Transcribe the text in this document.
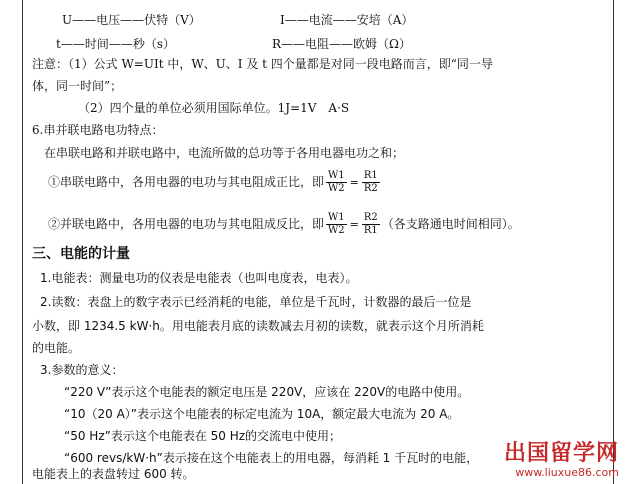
U——电压——伏特（V）	I——电流——安培（A）
t——时间——秒（s）	R——电阻——欧姆（Ω）
注意：（1）公式 W=UIt 中，W、U、I 及 t 四个量都是对同一段电路而言，即“同一导
体，同一时间”；
（2）四个量的单位必须用国际单位。1J=1V　A·S
6.串并联电路电功特点：
在串联电路和并联电路中，电流所做的总功等于各用电器电功之和；
①串联电路中，各用电器的电功与其电阻成正比，即 $\frac{W1}{W2} = \frac{R1}{R2}$
②并联电路中，各用电器的电功与其电阻成反比，即 $\frac{W1}{W2} = \frac{R2}{R1}$ （各支路通电时间相同）。
三、电能的计量
1.电能表：测量电功的仪表是电能表（也叫电度表，电表）。
2.读数：表盘上的数字表示已经消耗的电能，单位是千瓦时，计数器的最后一位是
小数，即 1234.5 kW·h。用电能表月底的读数减去月初的读数，就表示这个月所消耗
的电能。
3.参数的意义：
“220 V”表示这个电能表的额定电压是 220V，应该在 220V的电路中使用。
“10（20 A）”表示这个电能表的标定电流为 10A，额定最大电流为 20 A。
“50 Hz”表示这个电能表在 50 Hz的交流电中使用；
“600 revs/kW·h”表示接在这个电能表上的用电器，每消耗 1 千瓦时的电能，
电能表上的表盘转过 600 转。
出国留学网
www.liuxue86.com
